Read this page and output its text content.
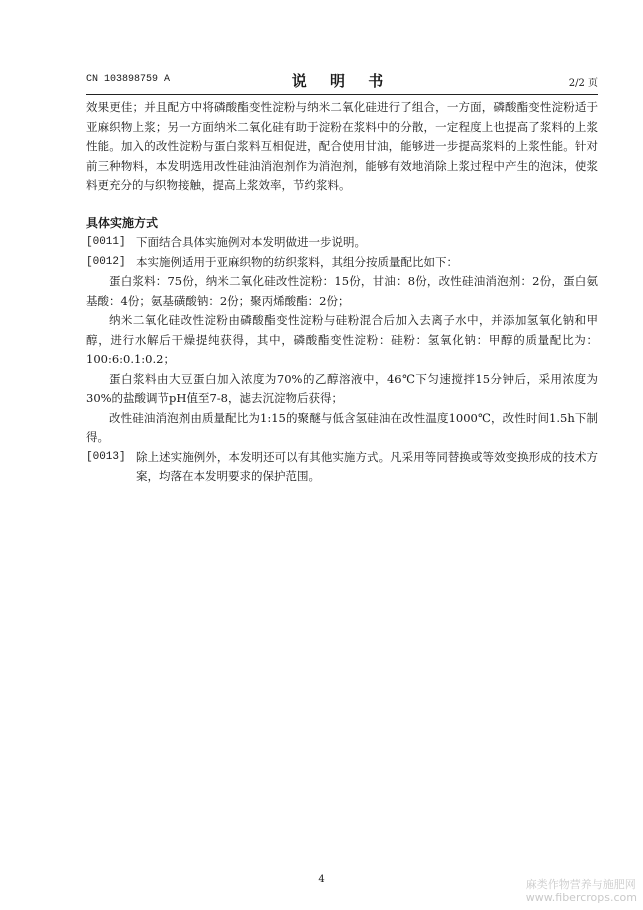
CN 103898759 A	说 明 书	2/2 页

效果更佳；并且配方中将磷酸酯变性淀粉与纳米二氧化硅进行了组合，一方面，磷酸酯变性淀粉适于亚麻织物上浆；另一方面纳米二氧化硅有助于淀粉在浆料中的分散，一定程度上也提高了浆料的上浆性能。加入的改性淀粉与蛋白浆料互相促进，配合使用甘油，能够进一步提高浆料的上浆性能。针对前三种物料，本发明选用改性硅油消泡剂作为消泡剂，能够有效地消除上浆过程中产生的泡沫，使浆料更充分的与织物接触，提高上浆效率，节约浆料。

具体实施方式

[0011] 下面结合具体实施例对本发明做进一步说明。

[0012] 本实施例适用于亚麻织物的纺织浆料，其组分按质量配比如下：

蛋白浆料：75份，纳米二氧化硅改性淀粉：15份，甘油：8份，改性硅油消泡剂：2份，蛋白氨基酸：4份；氨基磺酸钠：2份；聚丙烯酸酯：2份；

纳米二氧化硅改性淀粉由磷酸酯变性淀粉与硅粉混合后加入去离子水中，并添加氢氧化钠和甲醇，进行水解后干燥提纯获得，其中，磷酸酯变性淀粉：硅粉：氢氧化钠：甲醇的质量配比为：100:6:0.1:0.2；

蛋白浆料由大豆蛋白加入浓度为70%的乙醇溶液中，46℃下匀速搅拌15分钟后，采用浓度为30%的盐酸调节pH值至7-8，滤去沉淀物后获得；

改性硅油消泡剂由质量配比为1:15的聚醚与低含氢硅油在改性温度1000℃，改性时间1.5h下制得。

[0013] 除上述实施例外，本发明还可以有其他实施方式。凡采用等同替换或等效变换形成的技术方案，均落在本发明要求的保护范围。

4	麻类作物营养与施肥网
www.fibercrops.com
